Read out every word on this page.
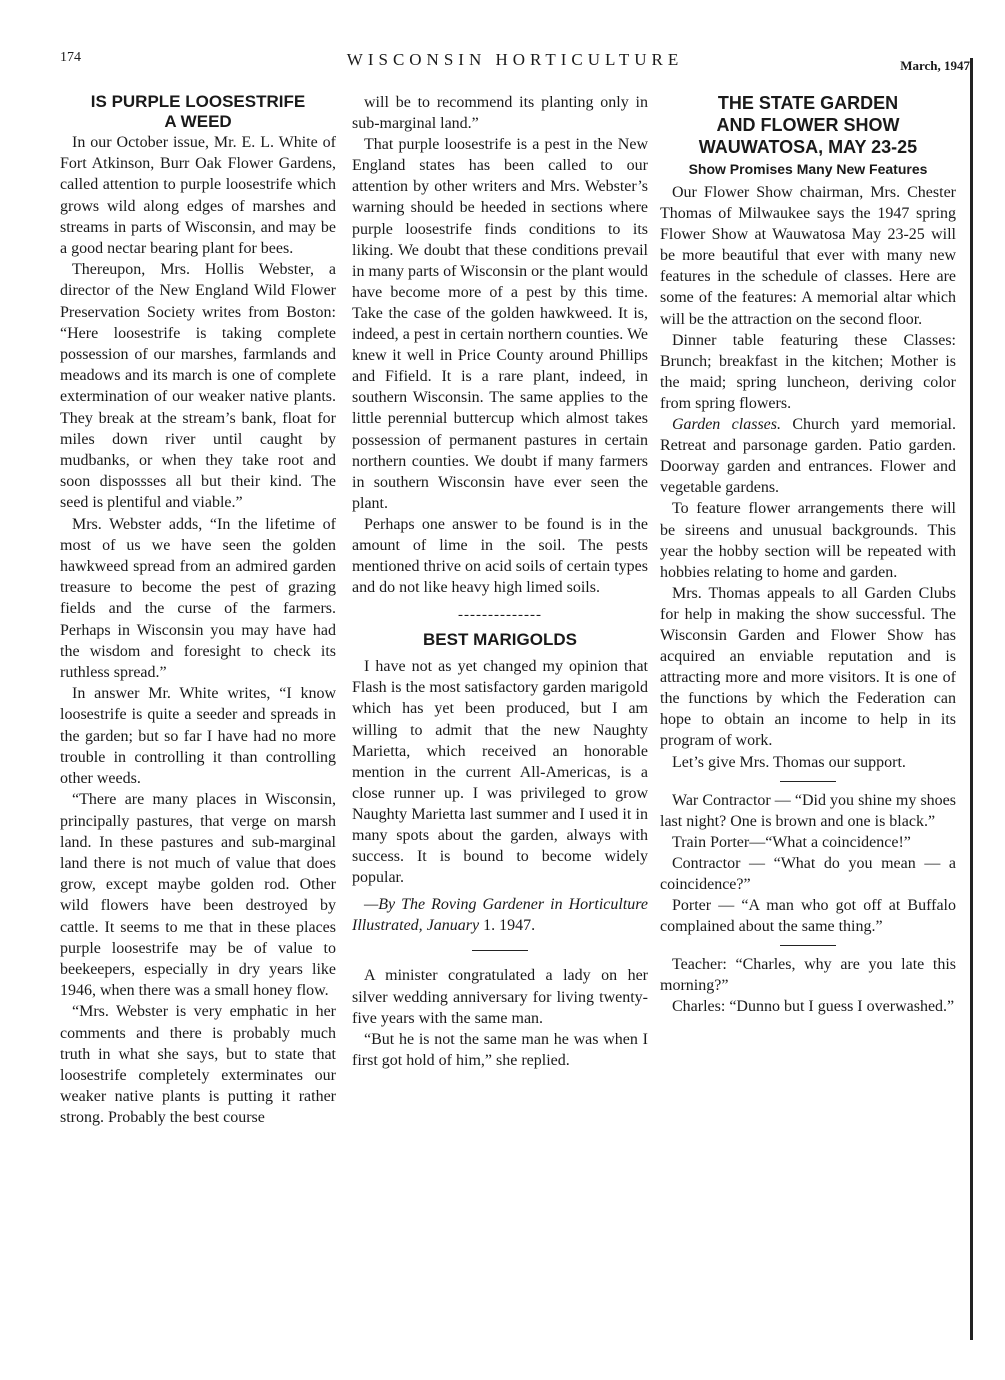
174	WISCONSIN HORTICULTURE	March, 1947
IS PURPLE LOOSESTRIFE
A WEED

In our October issue, Mr. E. L. White of Fort Atkinson, Burr Oak Flower Gardens, called attention to purple loosestrife which grows wild along edges of marshes and streams in parts of Wisconsin, and may be a good nectar bearing plant for bees.

Thereupon, Mrs. Hollis Webster, a director of the New England Wild Flower Preservation Society writes from Boston: “Here loosestrife is taking complete possession of our marshes, farmlands and meadows and its march is one of complete extermination of our weaker native plants. They break at the stream’s bank, float for miles down river until caught by mudbanks, or when they take root and soon dispossses all but their kind. The seed is plentiful and viable.”

Mrs. Webster adds, “In the lifetime of most of us we have seen the golden hawkweed spread from an admired garden treasure to become the pest of grazing fields and the curse of the farmers. Perhaps in Wisconsin you may have had the wisdom and foresight to check its ruthless spread.”

In answer Mr. White writes, “I know loosestrife is quite a seeder and spreads in the garden; but so far I have had no more trouble in controlling it than controlling other weeds.

“There are many places in Wisconsin, principally pastures, that verge on marsh land. In these pastures and sub-marginal land there is not much of value that does grow, except maybe golden rod. Other wild flowers have been destroyed by cattle. It seems to me that in these places purple loosestrife may be of value to beekeepers, especially in dry years like 1946, when there was a small honey flow.

“Mrs. Webster is very emphatic in her comments and there is probably much truth in what she says, but to state that loosestrife completely exterminates our weaker native plants is putting it rather strong. Probably the best course

will be to recommend its planting only in sub-marginal land.”

That purple loosestrife is a pest in the New England states has been called to our attention by other writers and Mrs. Webster’s warning should be heeded in sections where purple loosestrife finds conditions to its liking. We doubt that these conditions prevail in many parts of Wisconsin or the plant would have become more of a pest by this time. Take the case of the golden hawkweed. It is, indeed, a pest in certain northern counties. We knew it well in Price County around Phillips and Fifield. It is a rare plant, indeed, in southern Wisconsin. The same applies to the little perennial buttercup which almost takes possession of permanent pastures in certain northern counties. We doubt if many farmers in southern Wisconsin have ever seen the plant.

Perhaps one answer to be found is in the amount of lime in the soil. The pests mentioned thrive on acid soils of certain types and do not like heavy high limed soils.

--------------
BEST MARIGOLDS

I have not as yet changed my opinion that Flash is the most satisfactory garden marigold which has yet been produced, but I am willing to admit that the new Naughty Marietta, which received an honorable mention in the current All-Americas, is a close runner up. I was privileged to grow Naughty Marietta last summer and I used it in many spots about the garden, always with success. It is bound to become widely popular.

—By The Roving Gardener in Horticulture Illustrated, January 1. 1947.

A minister congratulated a lady on her silver wedding anniversary for living twenty-five years with the same man.

“But he is not the same man he was when I first got hold of him,” she replied.

THE STATE GARDEN
AND FLOWER SHOW
WAUWATOSA, MAY 23-25
Show Promises Many New Features

Our Flower Show chairman, Mrs. Chester Thomas of Milwaukee says the 1947 spring Flower Show at Wauwatosa May 23-25 will be more beautiful that ever with many new features in the schedule of classes. Here are some of the features: A memorial altar which will be the attraction on the second floor.

Dinner table featuring these Classes: Brunch; breakfast in the kitchen; Mother is the maid; spring luncheon, deriving color from spring flowers.

Garden classes. Church yard memorial. Retreat and parsonage garden. Patio garden. Doorway garden and entrances. Flower and vegetable gardens.

To feature flower arrangements there will be sireens and unusual backgrounds. This year the hobby section will be repeated with hobbies relating to home and garden.

Mrs. Thomas appeals to all Garden Clubs for help in making the show successful. The Wisconsin Garden and Flower Show has acquired an enviable reputation and is attracting more and more visitors. It is one of the functions by which the Federation can hope to obtain an income to help in its program of work.

Let’s give Mrs. Thomas our support.

War Contractor — “Did you shine my shoes last night? One is brown and one is black.”

Train Porter—“What a coincidence!”

Contractor — “What do you mean — a coincidence?”

Porter — “A man who got off at Buffalo complained about the same thing.”

Teacher: “Charles, why are you late this morning?”

Charles: “Dunno but I guess I overwashed.”
